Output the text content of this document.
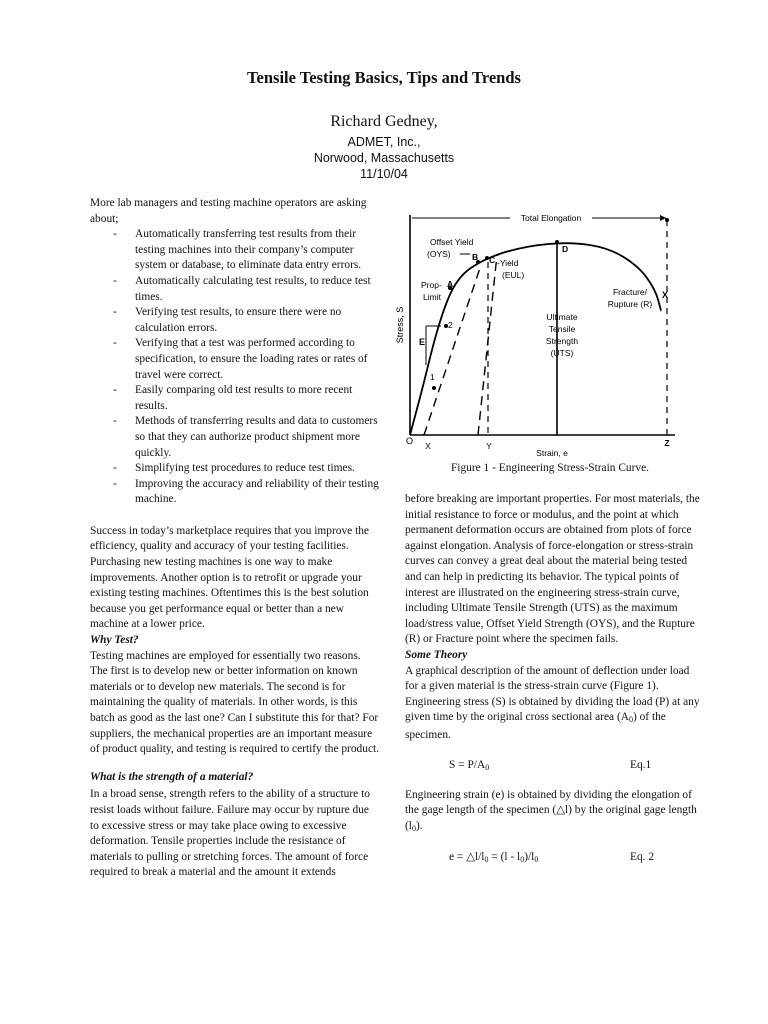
Tensile Testing Basics, Tips and Trends
Richard Gedney,
ADMET, Inc.,
Norwood, Massachusetts
11/10/04

More lab managers and testing machine operators are asking about;

- Automatically transferring test results from their testing machines into their company’s computer system or database, to eliminate data entry errors.
- Automatically calculating test results, to reduce test times.
- Verifying test results, to ensure there were no calculation errors.
- Verifying that a test was performed according to specification, to ensure the loading rates or rates of travel were correct.
- Easily comparing old test results to more recent results.
- Methods of transferring results and data to customers so that they can authorize product shipment more quickly.
- Simplifying test procedures to reduce test times.
- Improving the accuracy and reliability of their testing machine.

Success in today’s marketplace requires that you improve the efficiency, quality and accuracy of your testing facilities. Purchasing new testing machines is one way to make improvements. Another option is to retrofit or upgrade your existing testing machines. Oftentimes this is the best solution because you get performance equal or better than a new machine at a lower price.

Why Test?

Testing machines are employed for essentially two reasons. The first is to develop new or better information on known materials or to develop new materials. The second is for maintaining the quality of materials. In other words, is this batch as good as the last one? Can I substitute this for that? For suppliers, the mechanical properties are an important measure of product quality, and testing is required to certify the product.

What is the strength of a material?

In a broad sense, strength refers to the ability of a structure to resist loads without failure. Failure may occur by rupture due to excessive stress or may take place owing to excessive deformation. Tensile properties include the resistance of materials to pulling or stretching forces. The amount of force required to break a material and the amount it extends

O
Stress, S
Strain, e
Total Elongation
E
1
2
A
B C
D
X
Offset Yield
(OYS)
-Yield
(EUL)
Prop-
Limit
Ultimate
Tensile
Strength
(UTS)
Fracture/
Rupture (R)
X	Y	Z
Figure 1 - Engineering Stress-Strain Curve.

before breaking are important properties. For most materials, the initial resistance to force or modulus, and the point at which permanent deformation occurs are obtained from plots of force against elongation. Analysis of force-elongation or stress-strain curves can convey a great deal about the material being tested and can help in predicting its behavior. The typical points of interest are illustrated on the engineering stress-strain curve, including Ultimate Tensile Strength (UTS) as the maximum load/stress value, Offset Yield Strength (OYS), and the Rupture (R) or Fracture point where the specimen fails.

Some Theory

A graphical description of the amount of deflection under load for a given material is the stress-strain curve (Figure 1). Engineering stress (S) is obtained by dividing the load (P) at any given time by the original cross sectional area $(A_0)$ of the specimen.

$S = P/A_0$	Eq.1

Engineering strain (e) is obtained by dividing the elongation of the gage length of the specimen (△l) by the original gage length $(l_0)$.

$e = \triangle l/l_0 = (l - l_0)/l_0$	Eq. 2
